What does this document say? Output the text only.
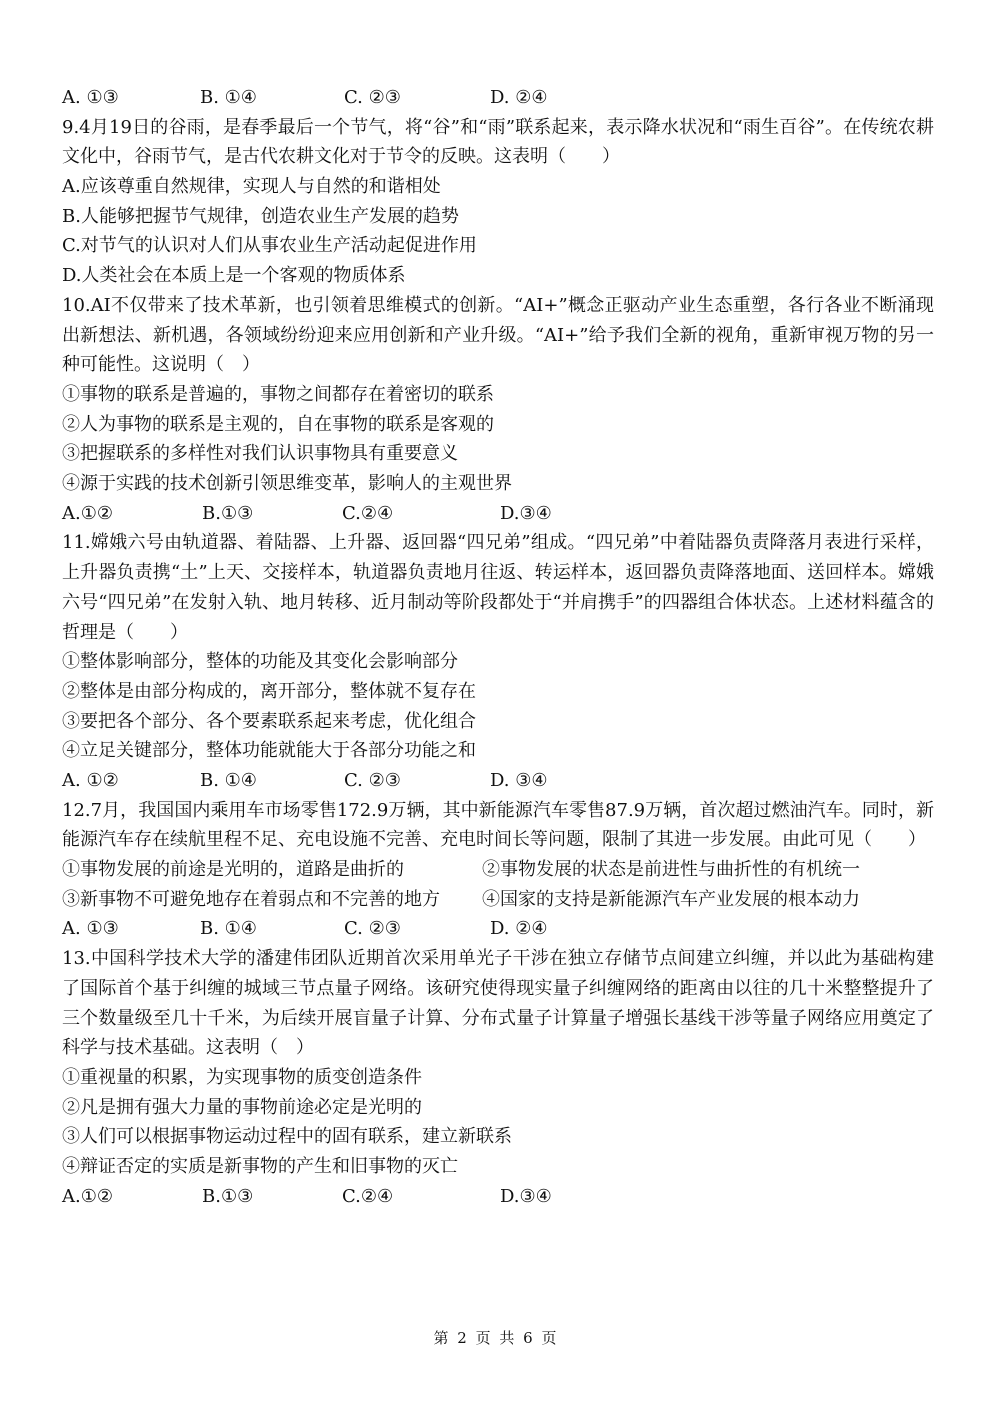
A. ①③	B. ①④	C. ②③	D. ②④
9.4月19日的谷雨，是春季最后一个节气，将“谷”和“雨”联系起来，表示降水状况和“雨生百谷”。在传统农耕文化中，谷雨节气，是古代农耕文化对于节令的反映。这表明（　　）
A.应该尊重自然规律，实现人与自然的和谐相处
B.人能够把握节气规律，创造农业生产发展的趋势
C.对节气的认识对人们从事农业生产活动起促进作用
D.人类社会在本质上是一个客观的物质体系
10.AI不仅带来了技术革新，也引领着思维模式的创新。“AI+”概念正驱动产业生态重塑，各行各业不断涌现出新想法、新机遇，各领域纷纷迎来应用创新和产业升级。“AI+”给予我们全新的视角，重新审视万物的另一种可能性。这说明（　）
①事物的联系是普遍的，事物之间都存在着密切的联系
②人为事物的联系是主观的，自在事物的联系是客观的
③把握联系的多样性对我们认识事物具有重要意义
④源于实践的技术创新引领思维变革，影响人的主观世界
A.①②	B.①③	C.②④	D.③④
11.嫦娥六号由轨道器、着陆器、上升器、返回器“四兄弟”组成。“四兄弟”中着陆器负责降落月表进行采样，上升器负责携“土”上天、交接样本，轨道器负责地月往返、转运样本，返回器负责降落地面、送回样本。嫦娥六号“四兄弟”在发射入轨、地月转移、近月制动等阶段都处于“并肩携手”的四器组合体状态。上述材料蕴含的哲理是（　　）
①整体影响部分，整体的功能及其变化会影响部分
②整体是由部分构成的，离开部分，整体就不复存在
③要把各个部分、各个要素联系起来考虑，优化组合
④立足关键部分，整体功能就能大于各部分功能之和
A. ①②	B. ①④	C. ②③	D. ③④
12.7月，我国国内乘用车市场零售172.9万辆，其中新能源汽车零售87.9万辆，首次超过燃油汽车。同时，新能源汽车存在续航里程不足、充电设施不完善、充电时间长等问题，限制了其进一步发展。由此可见（　　）
①事物发展的前途是光明的，道路是曲折的	②事物发展的状态是前进性与曲折性的有机统一
③新事物不可避免地存在着弱点和不完善的地方	④国家的支持是新能源汽车产业发展的根本动力
A. ①③	B. ①④	C. ②③	D. ②④
13.中国科学技术大学的潘建伟团队近期首次采用单光子干涉在独立存储节点间建立纠缠，并以此为基础构建了国际首个基于纠缠的城域三节点量子网络。该研究使得现实量子纠缠网络的距离由以往的几十米整整提升了三个数量级至几十千米，为后续开展盲量子计算、分布式量子计算量子增强长基线干涉等量子网络应用奠定了科学与技术基础。这表明（　）
①重视量的积累，为实现事物的质变创造条件
②凡是拥有强大力量的事物前途必定是光明的
③人们可以根据事物运动过程中的固有联系，建立新联系
④辩证否定的实质是新事物的产生和旧事物的灭亡
A.①②	B.①③	C.②④	D.③④
第 2 页 共 6 页
